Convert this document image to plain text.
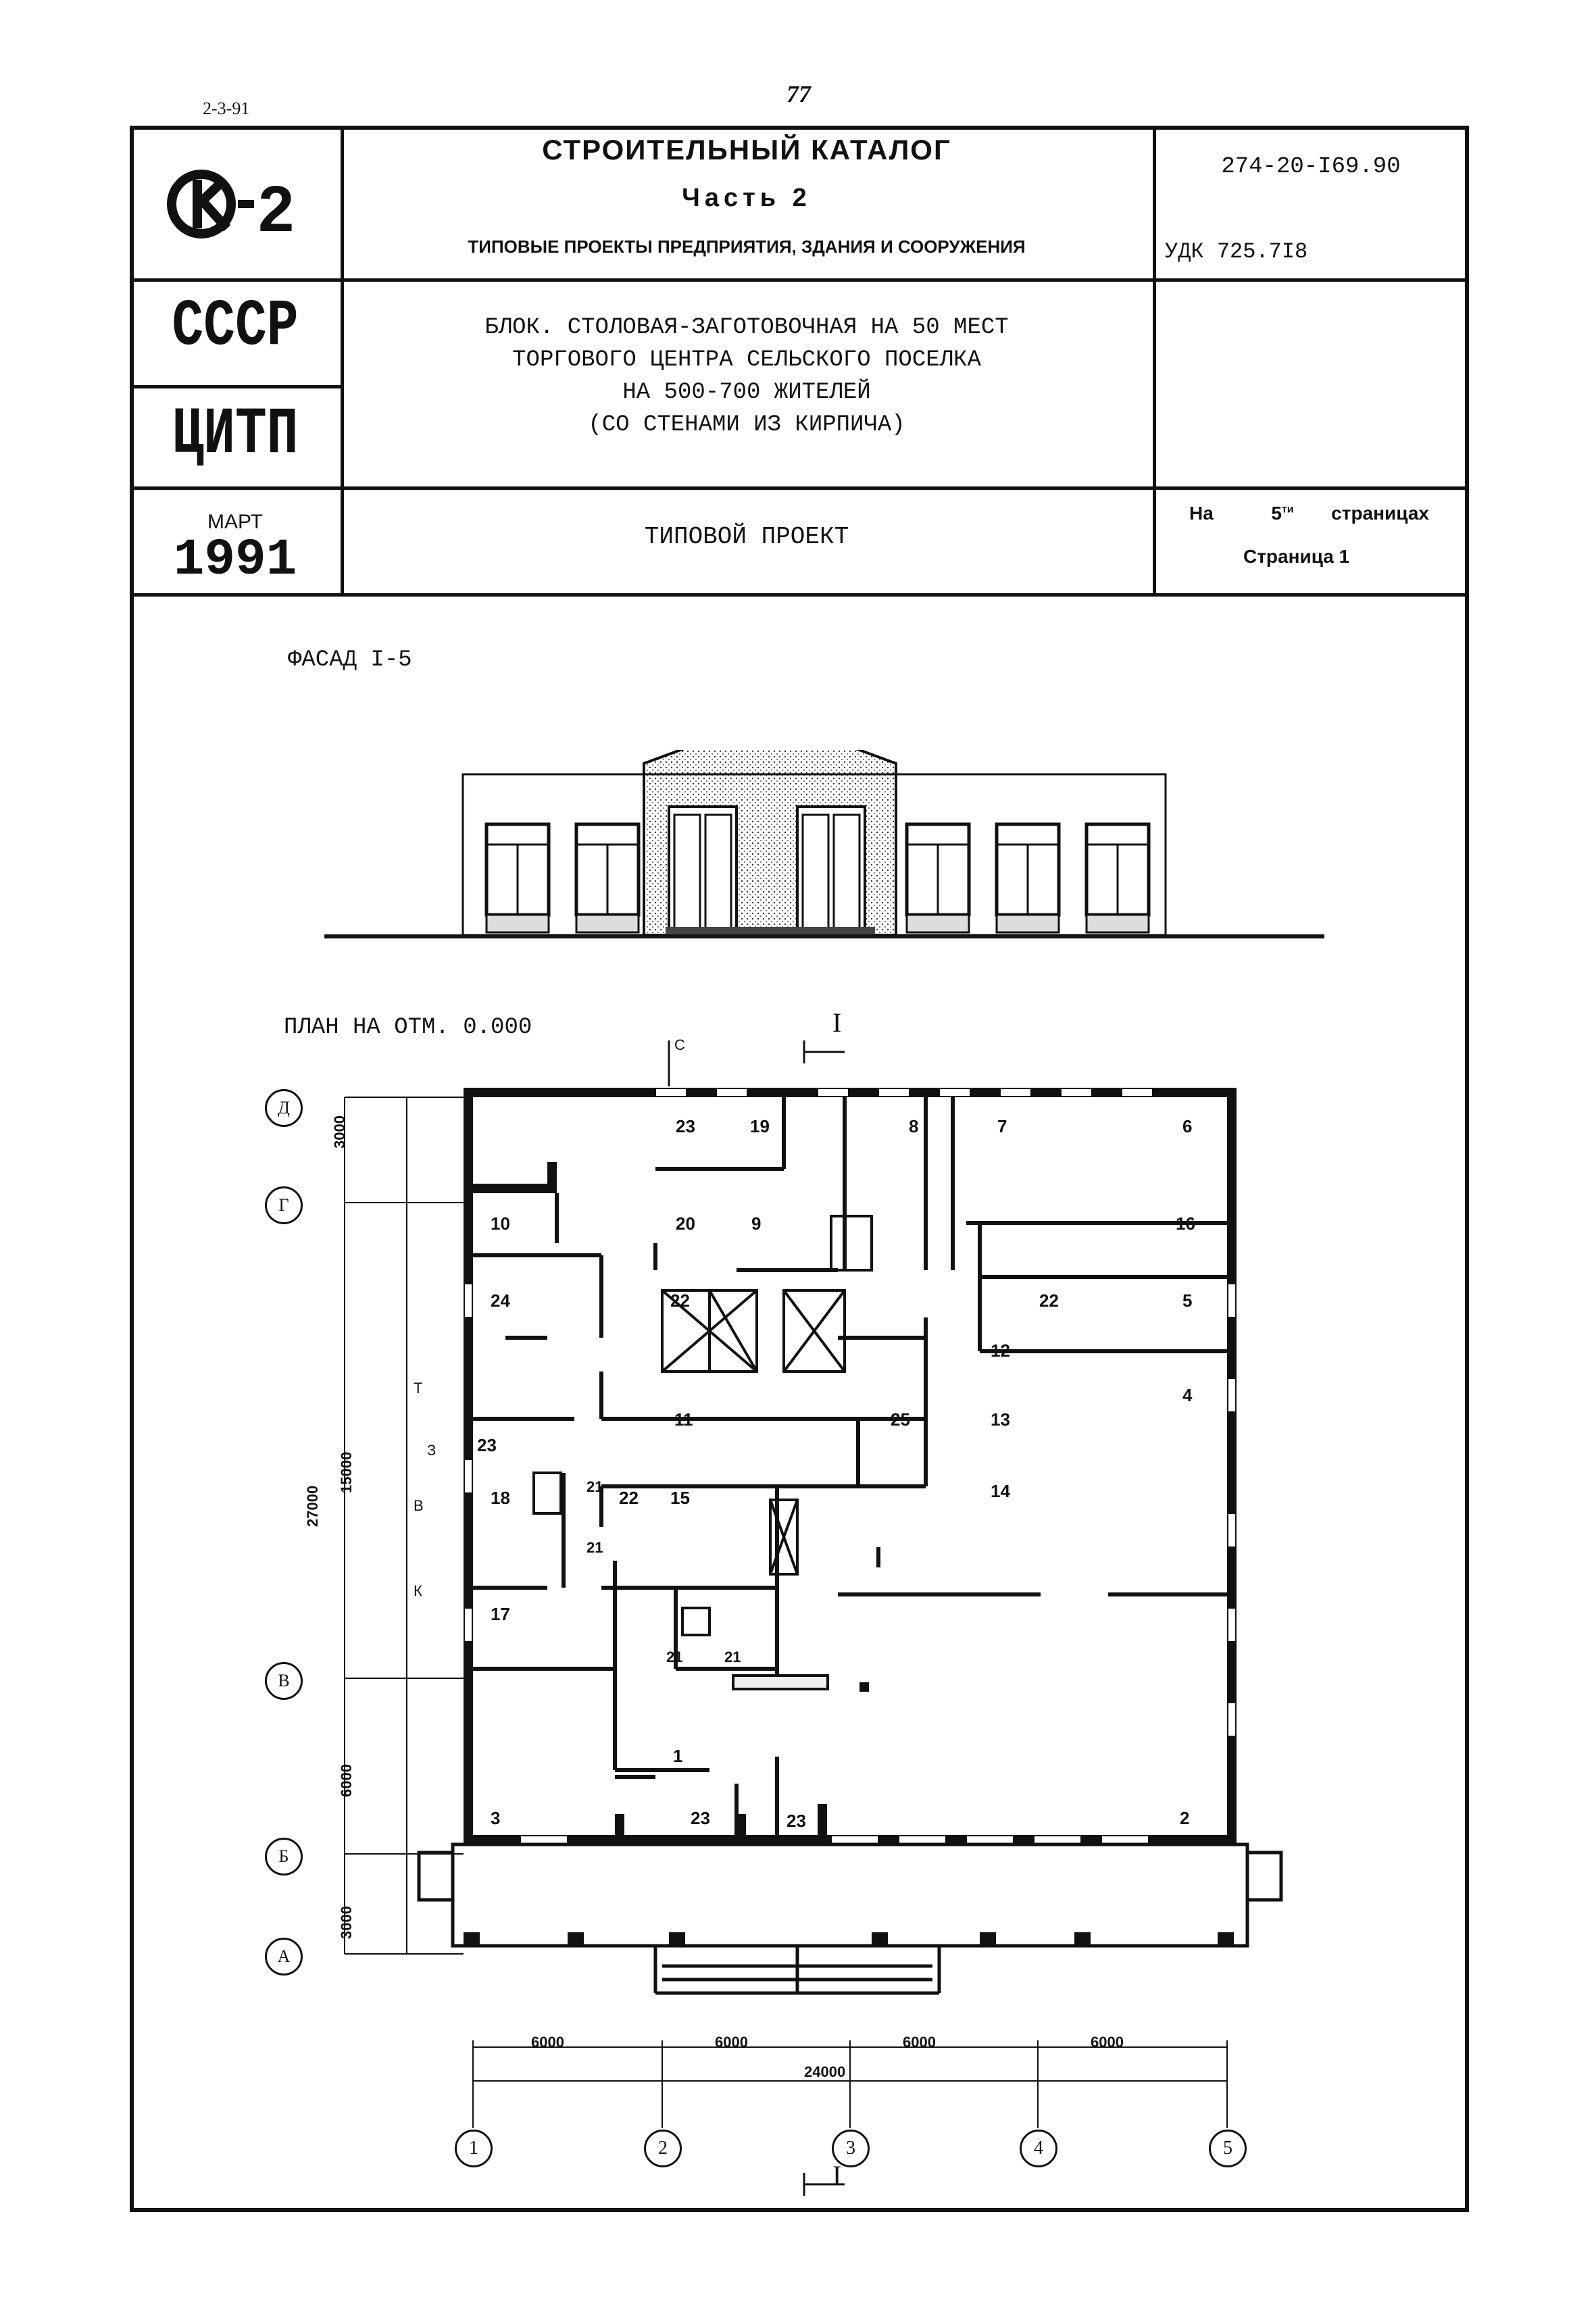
2-3-91
77
2
СТРОИТЕЛЬНЫЙ КАТАЛОГ
Часть 2
ТИПОВЫЕ ПРОЕКТЫ ПРЕДПРИЯТИЯ, ЗДАНИЯ И СООРУЖЕНИЯ
274-20-I69.90
УДК 725.7I8
СССР
ЦИТП
БЛОК. СТОЛОВАЯ-ЗАГОТОВОЧНАЯ НА 50 МЕСТ
ТОРГОВОГО ЦЕНТРА СЕЛЬСКОГО ПОСЕЛКА
НА 500-700 ЖИТЕЛЕЙ
(СО СТЕНАМИ ИЗ КИРПИЧА)
МАРТ
1991	ТИПОВОЙ ПРОЕКТ
На	$5^{ти}$ страницах
Страница 1
ФАСАД I-5
ПЛАН НА ОТМ. 0.000
23	19	8	7	6
10	20	9	16
24	22	22	5
12
4
23
11	25	13
18
21
22 15	14
21
17
21	21
1
3	23	23	2
I
I
С
Т
З
В
К
Д
Г
В
Б
А
3000
27000
15000
6000
3000
6000	6000	6000	6000
24000
1	2	3	4	5
